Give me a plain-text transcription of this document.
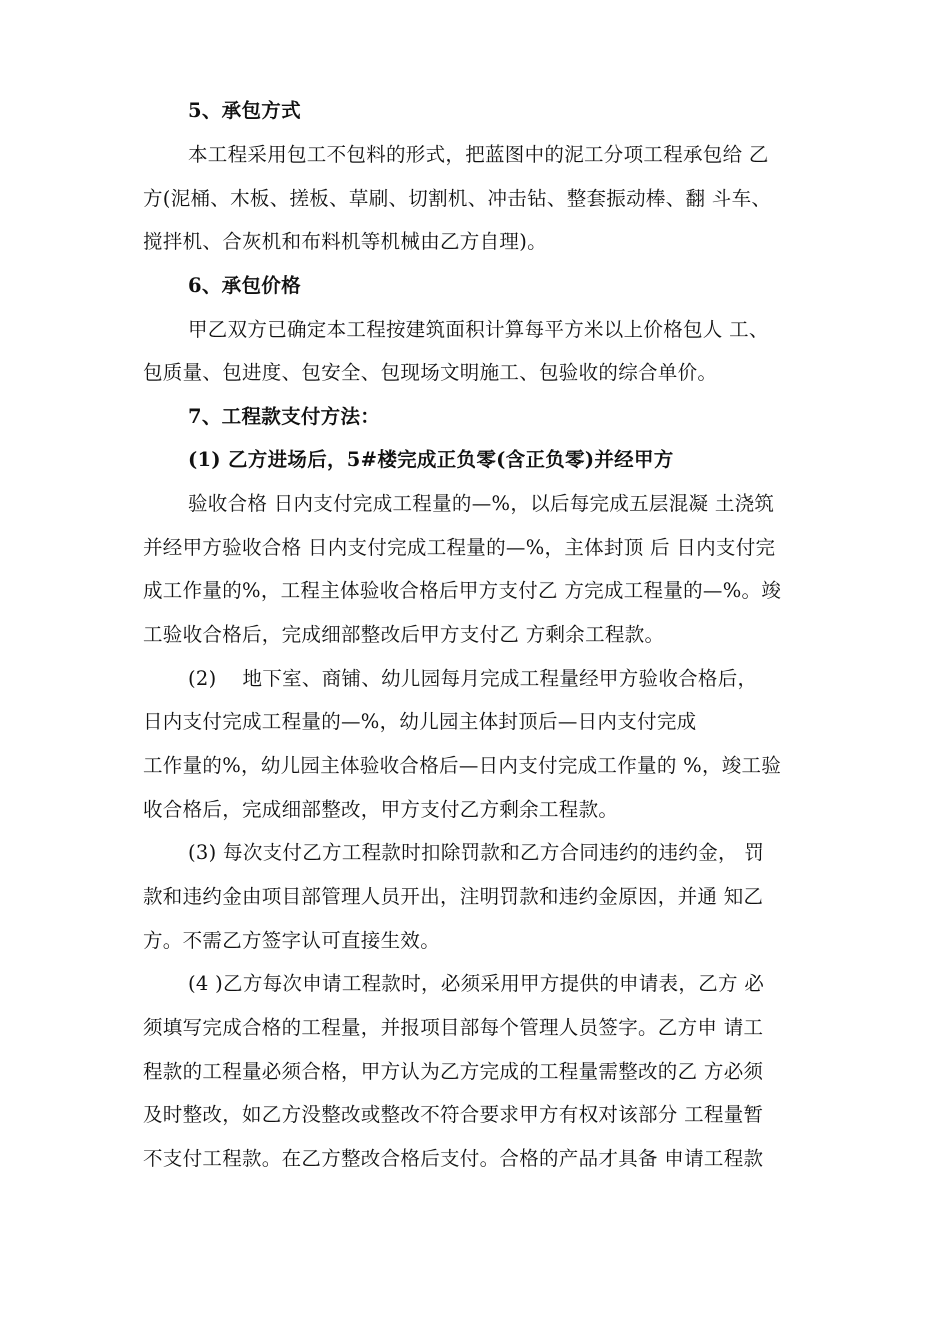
5、承包方式
本工程采用包工不包料的形式，把蓝图中的泥工分项工程承包给 乙
方(泥桶、木板、搓板、草刷、切割机、冲击钻、整套振动棒、翻 斗车、
搅拌机、合灰机和布料机等机械由乙方自理)。
6、承包价格
甲乙双方已确定本工程按建筑面积计算每平方米以上价格包人 工、
包质量、包进度、包安全、包现场文明施工、包验收的综合单价。
7、工程款支付方法：
(1) 乙方进场后，5#楼完成正负零(含正负零)并经甲方
验收合格 日内支付完成工程量的—%，以后每完成五层混凝 土浇筑
并经甲方验收合格 日内支付完成工程量的—%，主体封顶 后 日内支付完
成工作量的%，工程主体验收合格后甲方支付乙 方完成工程量的—%。竣
工验收合格后，完成细部整改后甲方支付乙 方剩余工程款。
(2)    地下室、商铺、幼儿园每月完成工程量经甲方验收合格后，
日内支付完成工程量的—%，幼儿园主体封顶后—日内支付完成
工作量的%，幼儿园主体验收合格后—日内支付完成工作量的 %，竣工验
收合格后，完成细部整改，甲方支付乙方剩余工程款。
(3) 每次支付乙方工程款时扣除罚款和乙方合同违约的违约金， 罚
款和违约金由项目部管理人员开出，注明罚款和违约金原因，并通 知乙
方。不需乙方签字认可直接生效。
(4 )乙方每次申请工程款时，必须采用甲方提供的申请表，乙方 必
须填写完成合格的工程量，并报项目部每个管理人员签字。乙方申 请工
程款的工程量必须合格，甲方认为乙方完成的工程量需整改的乙 方必须
及时整改，如乙方没整改或整改不符合要求甲方有权对该部分 工程量暂
不支付工程款。在乙方整改合格后支付。合格的产品才具备 申请工程款
